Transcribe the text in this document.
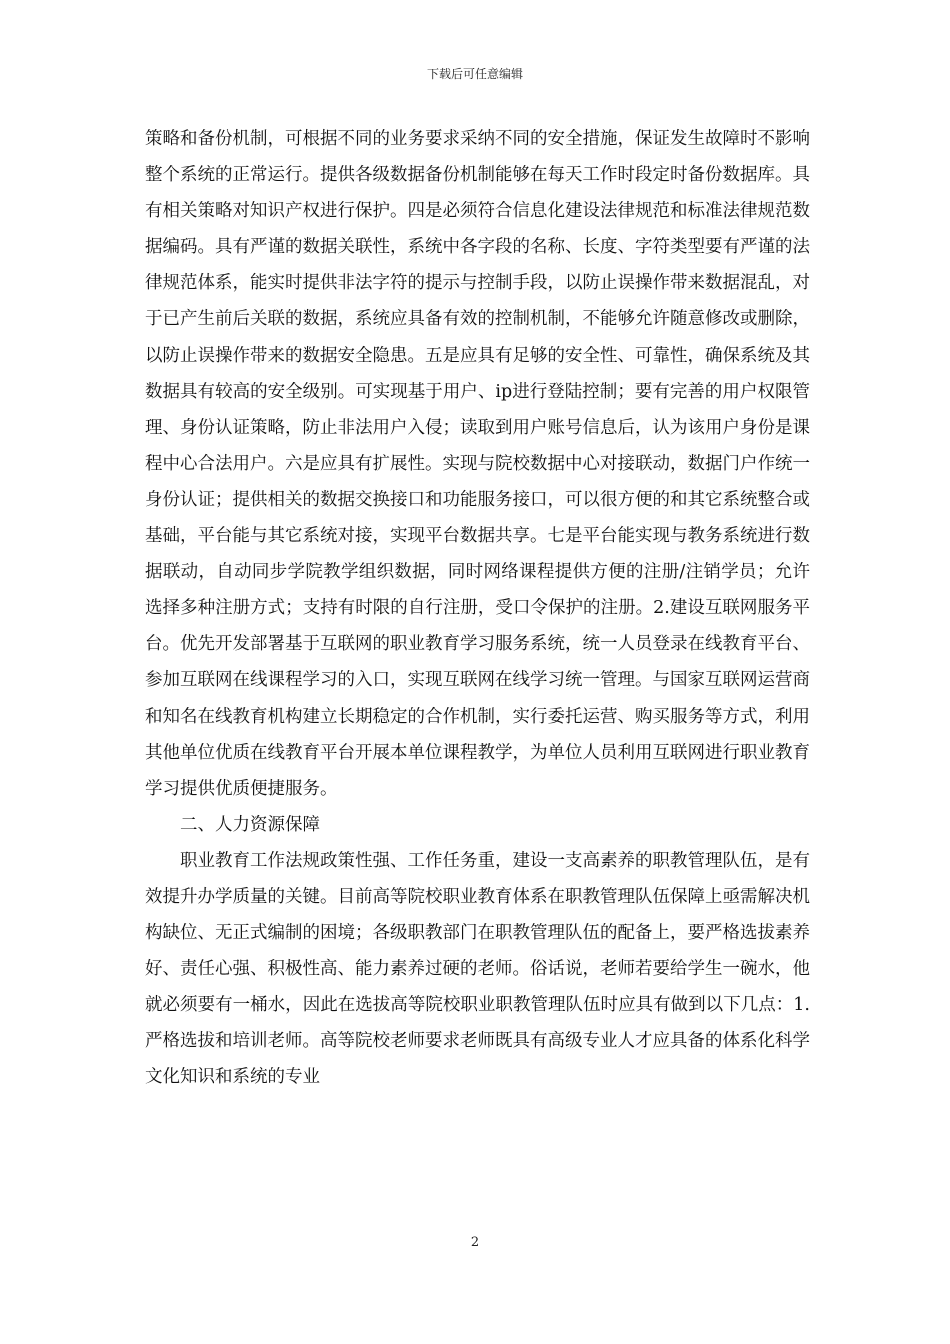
下载后可任意编辑

策略和备份机制，可根据不同的业务要求采纳不同的安全措施，保证发生故障时不影响整个系统的正常运行。提供各级数据备份机制能够在每天工作时段定时备份数据库。具有相关策略对知识产权进行保护。四是必须符合信息化建设法律规范和标准法律规范数据编码。具有严谨的数据关联性，系统中各字段的名称、长度、字符类型要有严谨的法律规范体系，能实时提供非法字符的提示与控制手段，以防止误操作带来数据混乱，对于已产生前后关联的数据，系统应具备有效的控制机制，不能够允许随意修改或删除，以防止误操作带来的数据安全隐患。五是应具有足够的安全性、可靠性，确保系统及其数据具有较高的安全级别。可实现基于用户、ip进行登陆控制；要有完善的用户权限管理、身份认证策略，防止非法用户入侵；读取到用户账号信息后，认为该用户身份是课程中心合法用户。六是应具有扩展性。实现与院校数据中心对接联动，数据门户作统一身份认证；提供相关的数据交换接口和功能服务接口，可以很方便的和其它系统整合或基础，平台能与其它系统对接，实现平台数据共享。七是平台能实现与教务系统进行数据联动，自动同步学院教学组织数据，同时网络课程提供方便的注册/注销学员；允许选择多种注册方式；支持有时限的自行注册，受口令保护的注册。2.建设互联网服务平台。优先开发部署基于互联网的职业教育学习服务系统，统一人员登录在线教育平台、参加互联网在线课程学习的入口，实现互联网在线学习统一管理。与国家互联网运营商和知名在线教育机构建立长期稳定的合作机制，实行委托运营、购买服务等方式，利用其他单位优质在线教育平台开展本单位课程教学，为单位人员利用互联网进行职业教育学习提供优质便捷服务。

二、人力资源保障

职业教育工作法规政策性强、工作任务重，建设一支高素养的职教管理队伍，是有效提升办学质量的关键。目前高等院校职业教育体系在职教管理队伍保障上亟需解决机构缺位、无正式编制的困境；各级职教部门在职教管理队伍的配备上，要严格选拔素养好、责任心强、积极性高、能力素养过硬的老师。俗话说，老师若要给学生一碗水，他就必须要有一桶水，因此在选拔高等院校职业职教管理队伍时应具有做到以下几点：1.严格选拔和培训老师。高等院校老师要求老师既具有高级专业人才应具备的体系化科学文化知识和系统的专业

2
